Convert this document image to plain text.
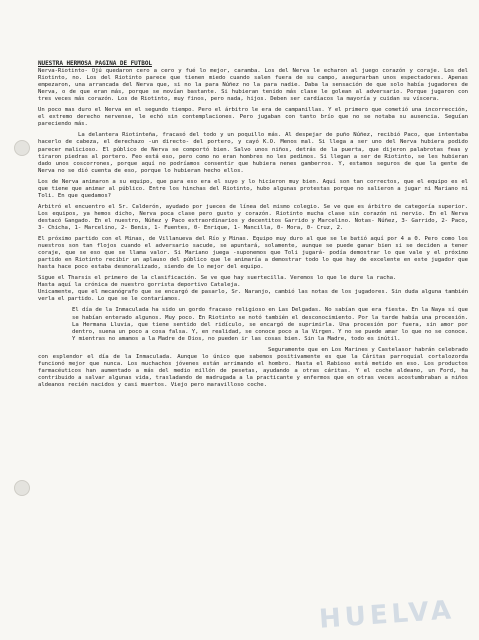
NUESTRA HERMOSA PAGINA DE FUTBOL

Nerva-Riotinto- Ojú quedaron cero a cero y fué lo mejor, caramba. Los del Nerva le echaron al juego corazón y coraje. Los del Riotinto, no. Los del Riotinto parece que tienen miedo cuando salen fuera de su campo, asegurarban unos espectadores. Apenas empezaron, una arrancada del Nerva que, si no la para Núñez no la para nadie. Daba la sensación de que solo había jugadores de Nerva, o de que eran más, porque se movían bastante. Si hubieran tenido más clase le golean al adversario. Porque jugaron con tres veces más corazón. Los de Riotinto, muy finos, pero nada, hijos. Deben ser cardíacos la mayoría y cuidan su víscera.

Un poco mas duro el Nerva en el segundo tiempo. Pero el árbitro le era de campanillas. Y el primero que cometió una incorrección, el extremo derecho nervense, le echó sin contemplaciones. Pero jugaban con tanto brío que no se notaba su ausencia. Seguían pareciendo más.

La delantera Riotinteña, fracasó del todo y un poquillo más. Al despejar de puño Núñez, recibió Paco, que intentaba hacerlo de cabeza, el derechazo -un directo- del portero, y cayó K.O. Menos mal. Si llega a ser uno del Nerva hubiera podido parecer malicioso. El público de Nerva se comportó bien. Salvo unos niños, detrás de la puerta, que dijeron palabrotas feas y tiraron piedras al portero. Feo está eso, pero como no eran hombres no les pedimos. Si llegan a ser de Riotinto, se les hubieran dado unos coscorrones, porque aquí no podríamos consentir que hubiera nenes gamberros. Y, estamos seguros de que la gente de Nerva no se dió cuenta de eso, porque lo hubieran hecho ellos.

Los de Nerva animaron a su equipo, que para eso era el suyo y lo hicieron muy bien. Aquí son tan correctos, que el equipo es el que tiene que animar al público. Entre los hinchas del Riotinto, hubo algunas protestas porque no salieron a jugar ni Mariano ni Toli. En que quedamos?

Arbitró el encuentro el Sr. Calderón, ayudado por jueces de línea del mismo colegio. Se ve que es árbitro de categoría superior. Los equipos, ya hemos dicho, Nerva poca clase pero gusto y corazón. Riotinto mucha clase sin corazón ni nervio. En el Nerva destacó Gangado. En el nuestro, Núñez y Paco extraordinarios y decentitos Garrido y Marcelino. Notas- Núñez, 3- Garrido, 2- Paco, 3- Chicha, 1- Marcelino, 2- Benis, 1- Fuentes, 0- Enrique, 1- Mancilla, 0- Mora, 0- Cruz, 2.

El próximo partido con el Minas, de Villanueva del Río y Minas. Equipo muy duro al que se le batió aquí por 4 a 0. Pero como los nuestros son tan flojos cuando el adversario sacude, se apuntará, solamente, aunque se puede ganar bien si se deciden a tener coraje, que se eso que se llama valor. Si Mariano juega -suponemos que Toli jugará- podía demostrar lo que vale y el próximo partido en Riotinto recibir un aplauso del público que le animaría a demostrar todo lo que hay de excelente en este jugador que hasta hace poco estaba desmoralizado, siendo de lo mejor del equipo.

Sigue el Tharsis el primero de la clasificación. Se ve que hay suertecilla. Veremos lo que le dure la racha.

Hasta aquí la crónica de nuestro gorrista deportivo Cataleja.

Unicamente, que el mecanógrafo que se encargó de pasarlo, Sr. Naranjo, cambió las notas de los jugadores. Sin duda alguna también verla el partido. Lo que se le contaríamos.

El día de la Inmaculada ha sido un gordo fracaso religioso en Las Delgadas. No sabían que era fiesta. En la Naya sí que se habían enterado algunos. Muy poco. En Riotinto se notó también el desconocimiento. Por la tarde había una procesión. La Hermana Lluvia, que tiene sentido del ridículo, se encargó de suprimirla. Una procesión por fuera, sin amor por dentro, suena un poco a cosa falsa. Y, en realidad, se conoce poco a la Virgen. Y no se puede amar lo que no se conoce. Y mientras no amamos a la Madre de Dios, no pueden ir las cosas bien. Sin la Madre, todo es inútil.

Seguramente que en Los Marines y Castelasor habrán celebrado con esplendor el día de la Inmaculada. Aunque lo único que sabemos positivamente es que la Cáritas parroquial cortalozorda funcionó mejor que nunca. Los muchachos jóvenes están arrimando el hombro. Hasta el Rabioso está metido en eso. Los productos farmacéuticos han aumentado a más del medio millón de pesetas, ayudando a otras cáritas. Y el coche aldeano, un Ford, ha contribuido a salvar algunas vida, trasladando de madrugada a la practicante y enfermos que en otras veces acostumbraban a niños aldeanos recién nacidos y casi muertos. Viejo pero maravilloso coche.

HUELVA
